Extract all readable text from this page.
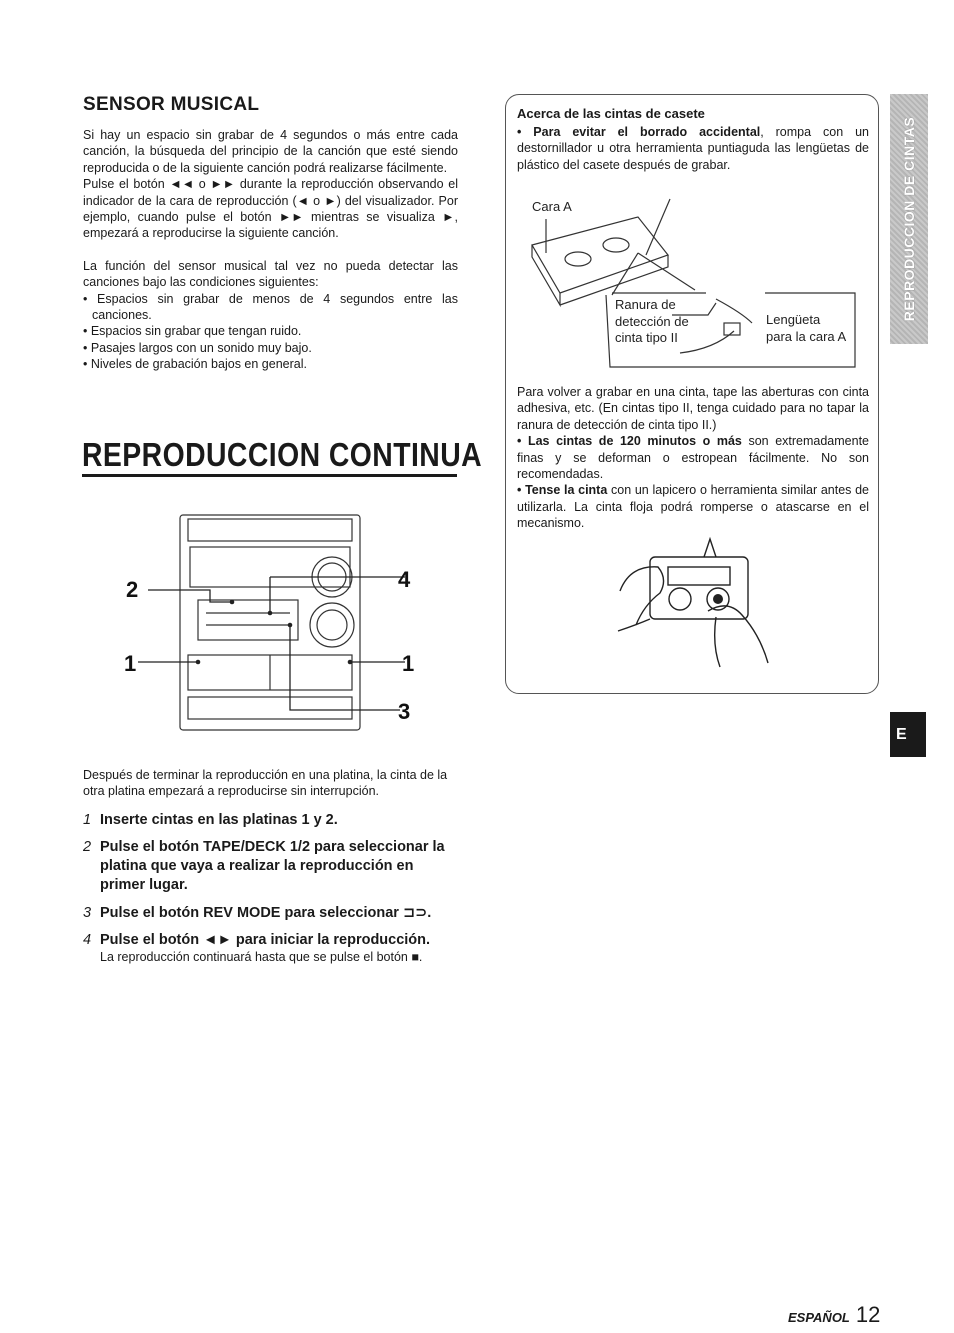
SENSOR MUSICAL

Si hay un espacio sin grabar de 4 segundos o más entre cada canción, la búsqueda del principio de la canción que esté siendo reproducida o de la siguiente canción podrá realizarse fácilmente.

Pulse el botón ◄◄ o ►► durante la reproducción observando el indicador de la cara de reproducción (◄ o ►) del visualizador. Por ejemplo, cuando pulse el botón ►► mientras se visualiza ►, empezará a reproducirse la siguiente canción.

La función del sensor musical tal vez no pueda detectar las canciones bajo las condiciones siguientes:

• Espacios sin grabar de menos de 4 segundos entre las canciones.

• Espacios sin grabar que tengan ruido.

• Pasajes largos con un sonido muy bajo.

• Niveles de grabación bajos en general.

REPRODUCCION CONTINUA
2	4
1	1
3

Después de terminar la reproducción en una platina, la cinta de la otra platina empezará a reproducirse sin interrupción.

1 Inserte cintas en las platinas 1 y 2.
2 Pulse el botón TAPE/DECK 1/2 para seleccionar la platina que vaya a realizar la reproducción en primer lugar.
3 Pulse el botón REV MODE para seleccionar ⊐⊃.
4 Pulse el botón ◄► para iniciar la reproducción.
La reproducción continuará hasta que se pulse el botón ■.
Acerca de las cintas de casete
• Para evitar el borrado accidental, rompa con un destornillador u otra herramienta puntiaguda las lengüetas de plástico del casete después de grabar.
Cara A
Ranura de
detección de
cinta tipo II
Lengüeta
para la cara A

Para volver a grabar en una cinta, tape las aberturas con cinta adhesiva, etc. (En cintas tipo II, tenga cuidado para no tapar la ranura de detección de cinta tipo II.)

• Las cintas de 120 minutos o más son extremadamente finas y se deforman o estropean fácilmente. No son recomendadas.

• Tense la cinta con un lapicero o herramienta similar antes de utilizarla. La cinta floja podrá romperse o atascarse en el mecanismo.

REPRODUCCION DE CINTAS
E
ESPAÑOL 12
